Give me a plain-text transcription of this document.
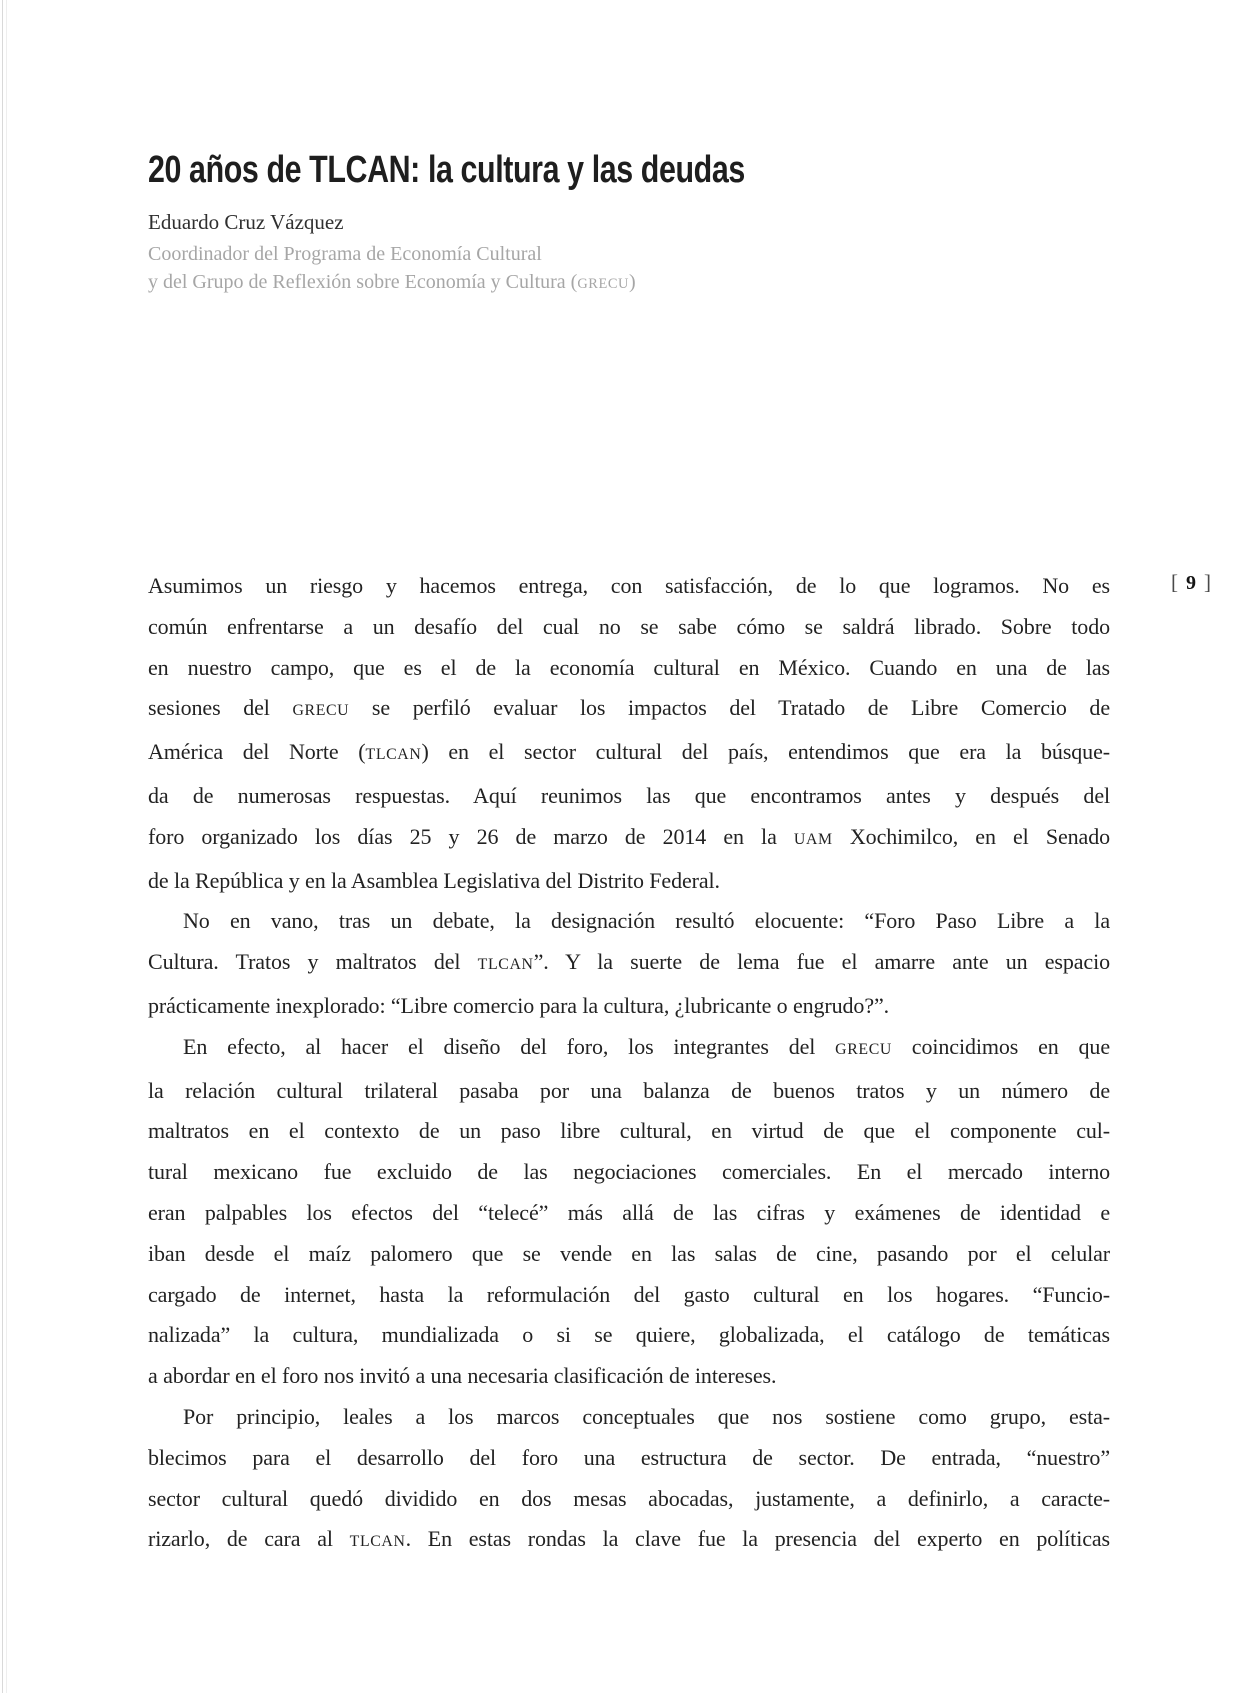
20 años de TLCAN: la cultura y las deudas
Eduardo Cruz Vázquez
Coordinador del Programa de Economía Cultural
y del Grupo de Reflexión sobre Economía y Cultura (GRECU)
[ 9 ]
Asumimos un riesgo y hacemos entrega, con satisfacción, de lo que logramos. No es
común enfrentarse a un desafío del cual no se sabe cómo se saldrá librado. Sobre todo
en nuestro campo, que es el de la economía cultural en México. Cuando en una de las
sesiones del GRECU se perfiló evaluar los impactos del Tratado de Libre Comercio de
América del Norte (TLCAN) en el sector cultural del país, entendimos que era la búsque-
da de numerosas respuestas. Aquí reunimos las que encontramos antes y después del
foro organizado los días 25 y 26 de marzo de 2014 en la UAM Xochimilco, en el Senado
de la República y en la Asamblea Legislativa del Distrito Federal.
No en vano, tras un debate, la designación resultó elocuente: “Foro Paso Libre a la
Cultura. Tratos y maltratos del TLCAN”. Y la suerte de lema fue el amarre ante un espacio
prácticamente inexplorado: “Libre comercio para la cultura, ¿lubricante o engrudo?”.
En efecto, al hacer el diseño del foro, los integrantes del GRECU coincidimos en que
la relación cultural trilateral pasaba por una balanza de buenos tratos y un número de
maltratos en el contexto de un paso libre cultural, en virtud de que el componente cul-
tural mexicano fue excluido de las negociaciones comerciales. En el mercado interno
eran palpables los efectos del “telecé” más allá de las cifras y exámenes de identidad e
iban desde el maíz palomero que se vende en las salas de cine, pasando por el celular
cargado de internet, hasta la reformulación del gasto cultural en los hogares. “Funcio-
nalizada” la cultura, mundializada o si se quiere, globalizada, el catálogo de temáticas
a abordar en el foro nos invitó a una necesaria clasificación de intereses.
Por principio, leales a los marcos conceptuales que nos sostiene como grupo, esta-
blecimos para el desarrollo del foro una estructura de sector. De entrada, “nuestro”
sector cultural quedó dividido en dos mesas abocadas, justamente, a definirlo, a caracte-
rizarlo, de cara al TLCAN. En estas rondas la clave fue la presencia del experto en políticas
